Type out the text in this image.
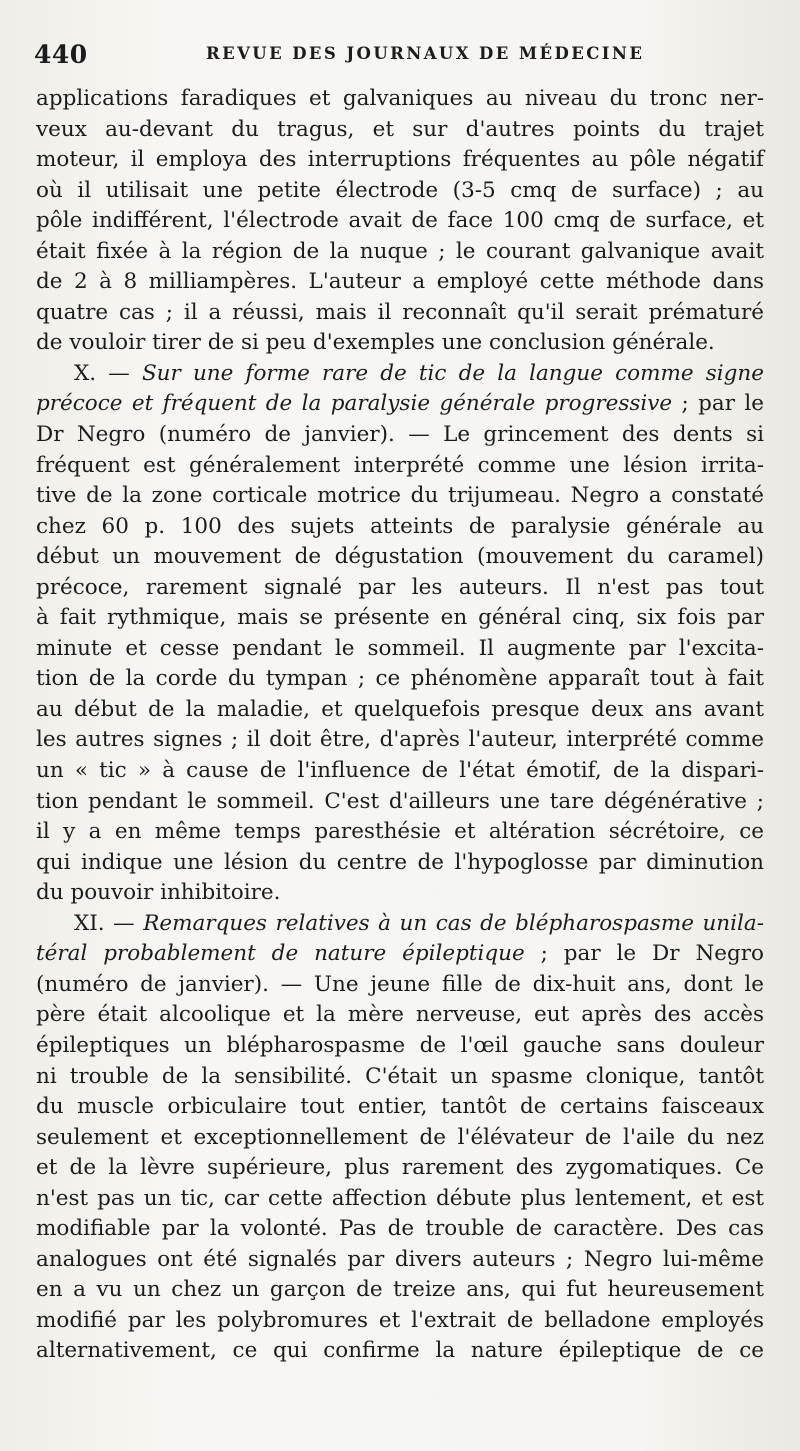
440	REVUE DES JOURNAUX DE MÉDECINE
applications faradiques et galvaniques au niveau du tronc ner-
veux au-devant du tragus, et sur d'autres points du trajet
moteur, il employa des interruptions fréquentes au pôle négatif
où il utilisait une petite électrode (3-5 cmq de surface) ; au
pôle indifférent, l'électrode avait de face 100 cmq de surface, et
était fixée à la région de la nuque ; le courant galvanique avait
de 2 à 8 milliampères. L'auteur a employé cette méthode dans
quatre cas ; il a réussi, mais il reconnaît qu'il serait prématuré
de vouloir tirer de si peu d'exemples une conclusion générale.
X. — Sur une forme rare de tic de la langue comme signe
précoce et fréquent de la paralysie générale progressive ; par le
Dr Negro (numéro de janvier). — Le grincement des dents si
fréquent est généralement interprété comme une lésion irrita-
tive de la zone corticale motrice du trijumeau. Negro a constaté
chez 60 p. 100 des sujets atteints de paralysie générale au
début un mouvement de dégustation (mouvement du caramel)
précoce, rarement signalé par les auteurs. Il n'est pas tout
à fait rythmique, mais se présente en général cinq, six fois par
minute et cesse pendant le sommeil. Il augmente par l'excita-
tion de la corde du tympan ; ce phénomène apparaît tout à fait
au début de la maladie, et quelquefois presque deux ans avant
les autres signes ; il doit être, d'après l'auteur, interprété comme
un « tic » à cause de l'influence de l'état émotif, de la dispari-
tion pendant le sommeil. C'est d'ailleurs une tare dégénérative ;
il y a en même temps paresthésie et altération sécrétoire, ce
qui indique une lésion du centre de l'hypoglosse par diminution
du pouvoir inhibitoire.
XI. — Remarques relatives à un cas de blépharospasme unila-
téral probablement de nature épileptique ; par le Dr Negro
(numéro de janvier). — Une jeune fille de dix-huit ans, dont le
père était alcoolique et la mère nerveuse, eut après des accès
épileptiques un blépharospasme de l'œil gauche sans douleur
ni trouble de la sensibilité. C'était un spasme clonique, tantôt
du muscle orbiculaire tout entier, tantôt de certains faisceaux
seulement et exceptionnellement de l'élévateur de l'aile du nez
et de la lèvre supérieure, plus rarement des zygomatiques. Ce
n'est pas un tic, car cette affection débute plus lentement, et est
modifiable par la volonté. Pas de trouble de caractère. Des cas
analogues ont été signalés par divers auteurs ; Negro lui-même
en a vu un chez un garçon de treize ans, qui fut heureusement
modifié par les polybromures et l'extrait de belladone employés
alternativement, ce qui confirme la nature épileptique de ce
